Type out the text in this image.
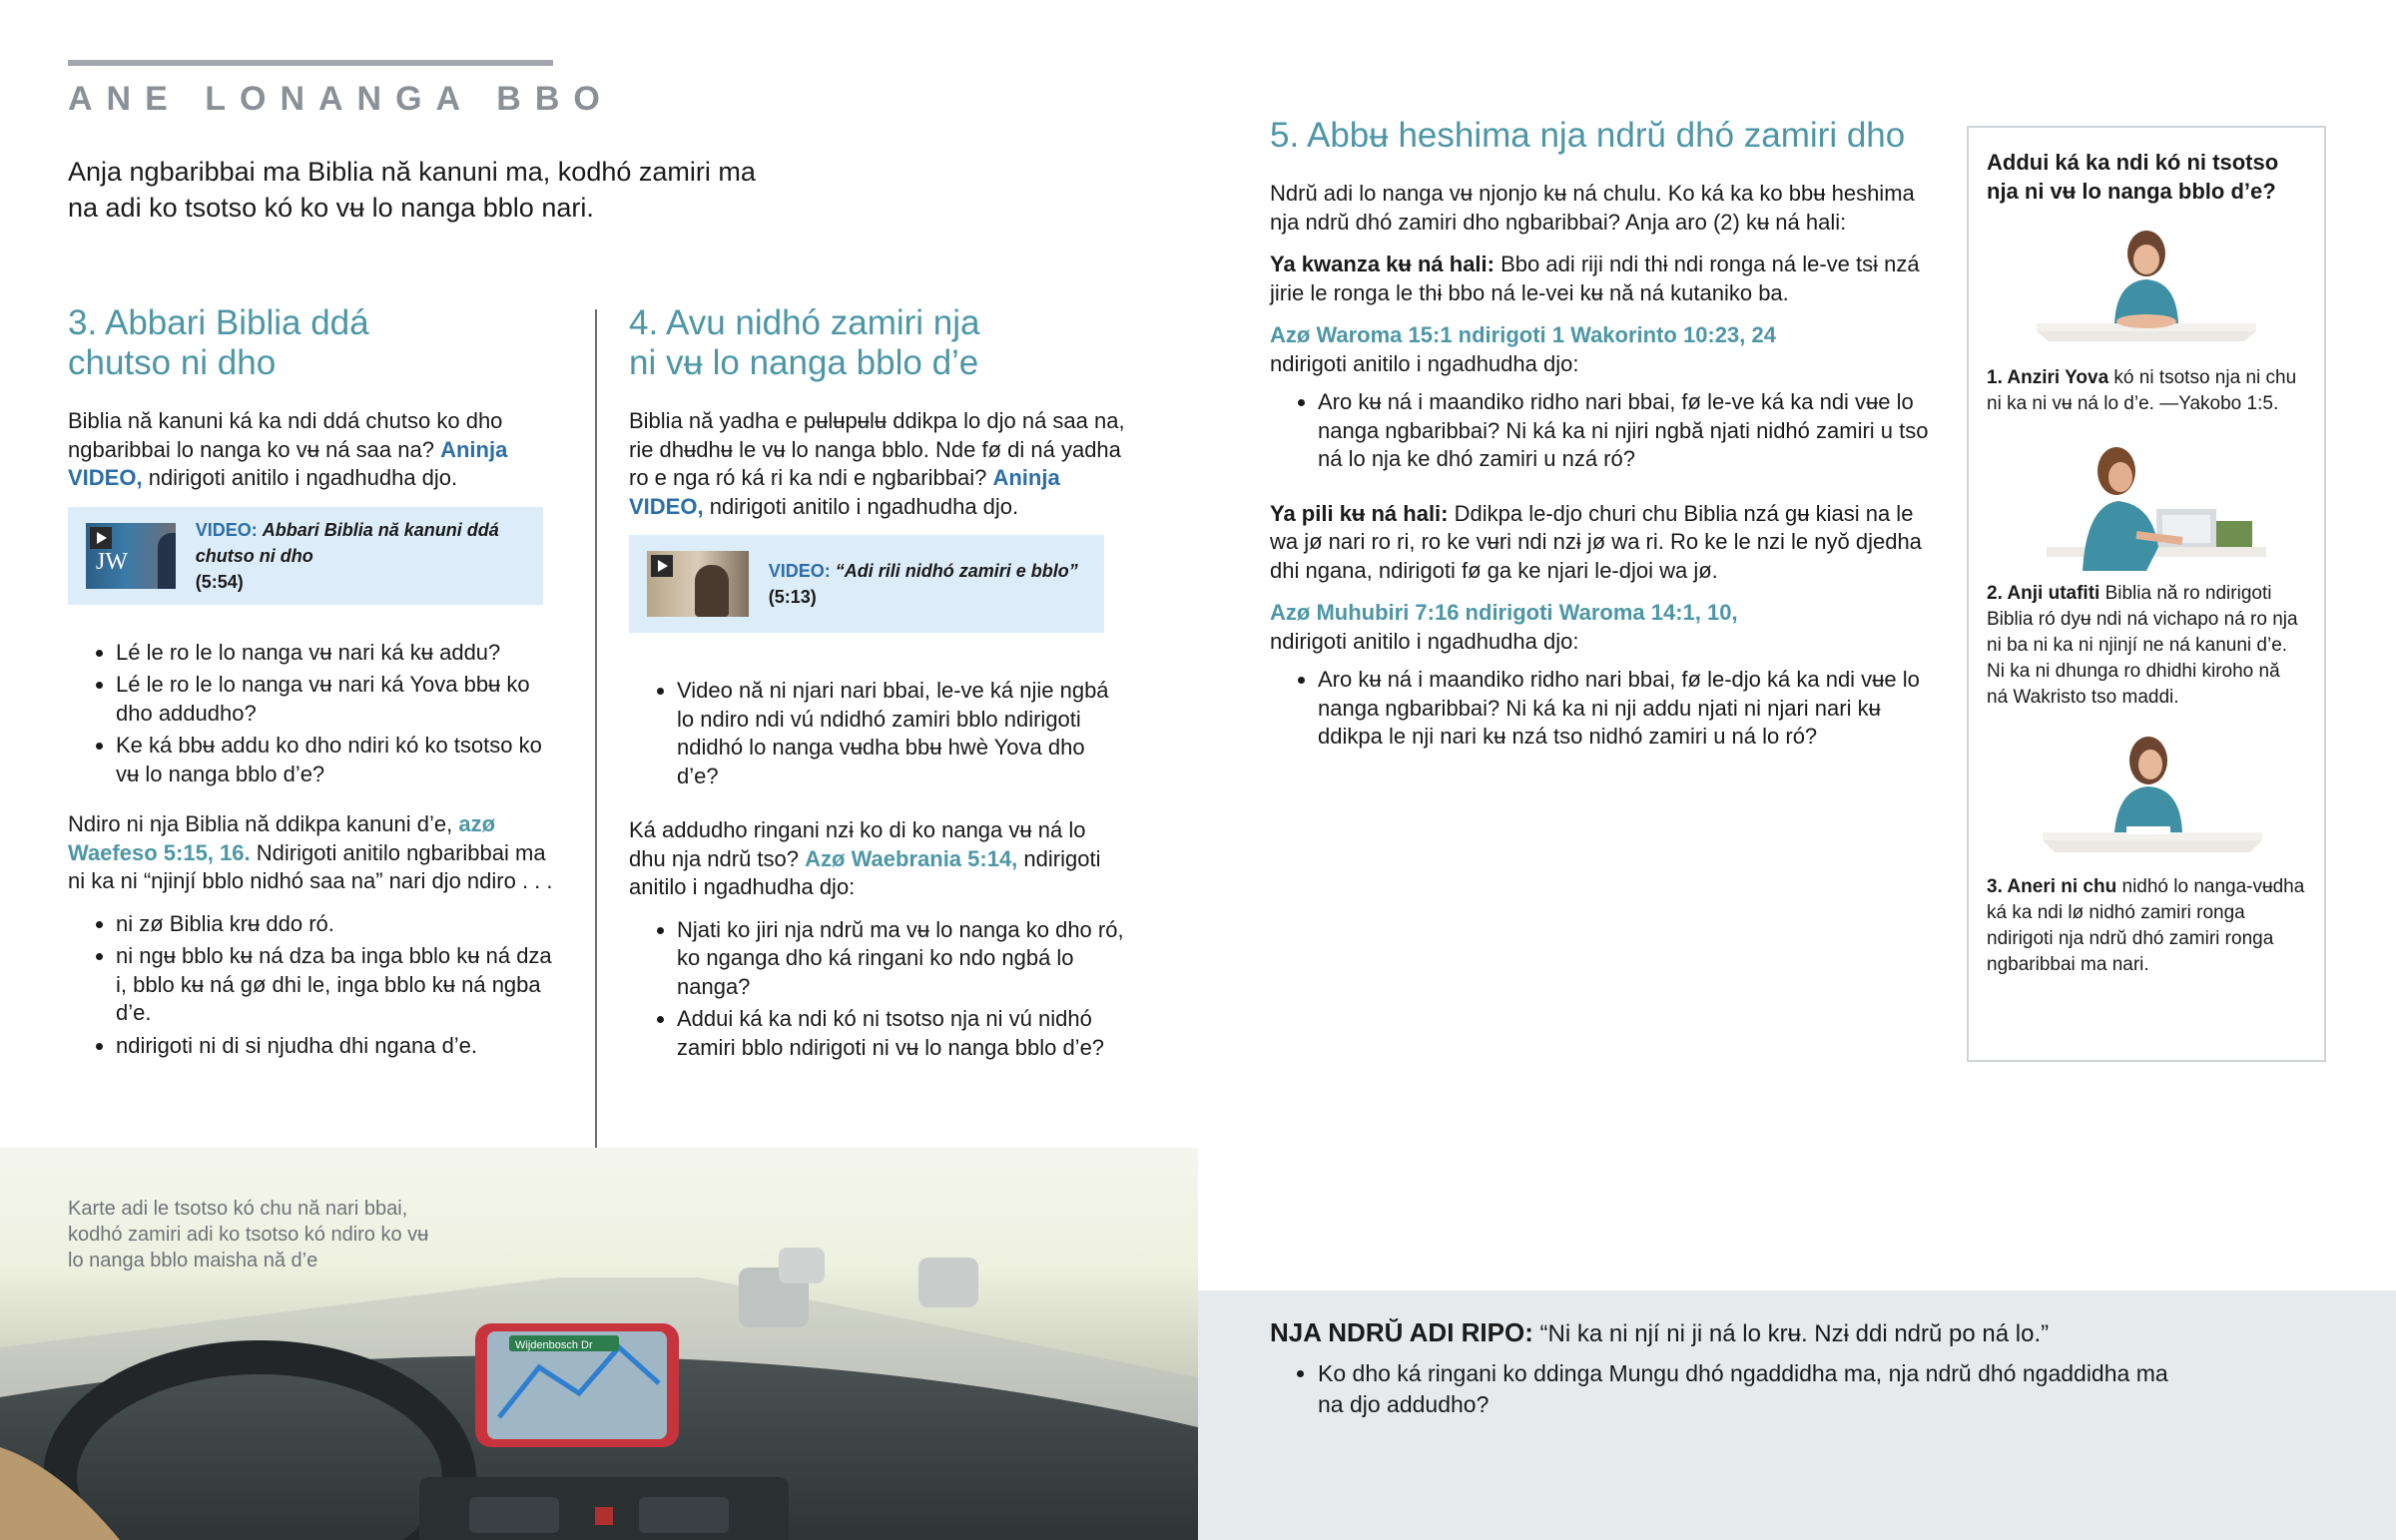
ANE LONANGA BBO
Anja ngbaribbai ma Biblia nă kanuni ma, kodhó zamiri ma na adi ko tsotso kó ko vʉ lo nanga bblo nari.
3. Abbari Biblia ddá
chutso ni dho

Biblia nă kanuni ká ka ndi ddá chutso ko dho ngbaribbai lo nanga ko vʉ ná saa na? Aninja VIDEO, ndirigoti anitilo i ngadhudha djo.

JW
VIDEO: Abbari Biblia nă kanuni ddá chutso ni dho
(5:54)
• Lé le ro le lo nanga vʉ nari ká kʉ addu?
• Lé le ro le lo nanga vʉ nari ká Yova bbʉ ko dho addudho?
• Ke ká bbʉ addu ko dho ndiri kó ko tsotso ko vʉ lo nanga bblo d’e?

Ndiro ni nja Biblia nă ddikpa kanuni d’e, azø Waefeso 5:15, 16. Ndirigoti anitilo ngbaribbai ma ni ka ni “njinjí bblo nidhó saa na” nari djo ndiro . . .

• ni zø Biblia krʉ ddo ró.
• ni ngʉ bblo kʉ ná dza ba inga bblo kʉ ná dza i, bblo kʉ ná gø dhi le, inga bblo kʉ ná ngba d’e.
• ndirigoti ni di si njudha dhi ngana d’e.
4. Avu nidhó zamiri nja
ni vʉ lo nanga bblo d’e

Biblia nă yadha e pʉlʉpʉlʉ ddikpa lo djo ná saa na, rie dhʉdhʉ le vʉ lo nanga bblo. Nde fø di ná yadha ro e nga ró ká ri ka ndi e ngbaribbai? Aninja VIDEO, ndirigoti anitilo i ngadhudha djo.

VIDEO: “Adi rili nidhó zamiri e bblo” (5:13)
• Video nă ni njari nari bbai, le-ve ká njie ngbá lo ndiro ndi vú ndidhó zamiri bblo ndirigoti ndidhó lo nanga vʉdha bbʉ hwè Yova dho d’e?

Ká addudho ringani nzɨ ko di ko nanga vʉ ná lo dhu nja ndrŭ tso? Azø Waebrania 5:14, ndirigoti anitilo i ngadhudha djo:

• Njati ko jiri nja ndrŭ ma vʉ lo nanga ko dho ró, ko nganga dho ká ringani ko ndo ngbá lo nanga?
• Addui ká ka ndi kó ni tsotso nja ni vú nidhó zamiri bblo ndirigoti ni vʉ lo nanga bblo d’e?
5. Abbʉ heshima nja ndrŭ dhó zamiri dho

Ndrŭ adi lo nanga vʉ njonjo kʉ ná chulu. Ko ká ka ko bbʉ heshima nja ndrŭ dhó zamiri dho ngbaribbai? Anja aro (2) kʉ ná hali:

Ya kwanza kʉ ná hali: Bbo adi riji ndi thɨ ndi ronga ná le-ve tsɨ nzá jirie le ronga le thɨ bbo ná le-vei kʉ nă ná kutaniko ba.

Azø Waroma 15:1 ndirigoti 1 Wakorinto 10:23, 24
ndirigoti anitilo i ngadhudha djo:

• Aro kʉ ná i maandiko ridho nari bbai, fø le-ve ká ka ndi vʉe lo nanga ngbaribbai? Ni ká ka ni njiri ngbă njati nidhó zamiri u tso ná lo nja ke dhó zamiri u nzá ró?

Ya pili kʉ ná hali: Ddikpa le-djo churi chu Biblia nzá gʉ kiasi na le wa jø nari ro ri, ro ke vʉri ndi nzɨ jø wa ri. Ro ke le nzi le nyŏ djedha dhi ngana, ndirigoti fø ga ke njari le-djoi wa jø.

Azø Muhubiri 7:16 ndirigoti Waroma 14:1, 10,
ndirigoti anitilo i ngadhudha djo:

• Aro kʉ ná i maandiko ridho nari bbai, fø le-djo ká ka ndi vʉe lo nanga ngbaribbai? Ni ká ka ni nji addu njati ni njari nari kʉ ddikpa le nji nari kʉ nzá tso nidhó zamiri u ná lo ró?

Addui ká ka ndi kó ni tsotso nja ni vʉ lo nanga bblo d’e?

1. Anziri Yova kó ni tsotso nja ni chu ni ka ni vʉ ná lo d’e. —Yakobo 1:5.

2. Anji utafiti Biblia nă ro ndirigoti Biblia ró dyʉ ndi ná vichapo ná ro nja ni ba ni ka ni njinjí ne ná kanuni d’e. Ni ka ni dhunga ro dhidhi kiroho nă ná Wakristo tso maddi.

3. Aneri ni chu nidhó lo nanga-vʉdha ká ka ndi lø nidhó zamiri ronga ndirigoti nja ndrŭ dhó zamiri ronga ngbaribbai ma nari.

Wijdenbosch Dr
Karte adi le tsotso kó chu nă nari bbai, kodhó zamiri adi ko tsotso kó ndiro ko vʉ lo nanga bblo maisha nă d’e
NJA NDRŬ ADI RIPO: “Ni ka ni njí ni ji ná lo krʉ. Nzɨ ddi ndrŭ po ná lo.”
• Ko dho ká ringani ko ddinga Mungu dhó ngaddidha ma, nja ndrŭ dhó ngaddidha ma na djo addudho?
